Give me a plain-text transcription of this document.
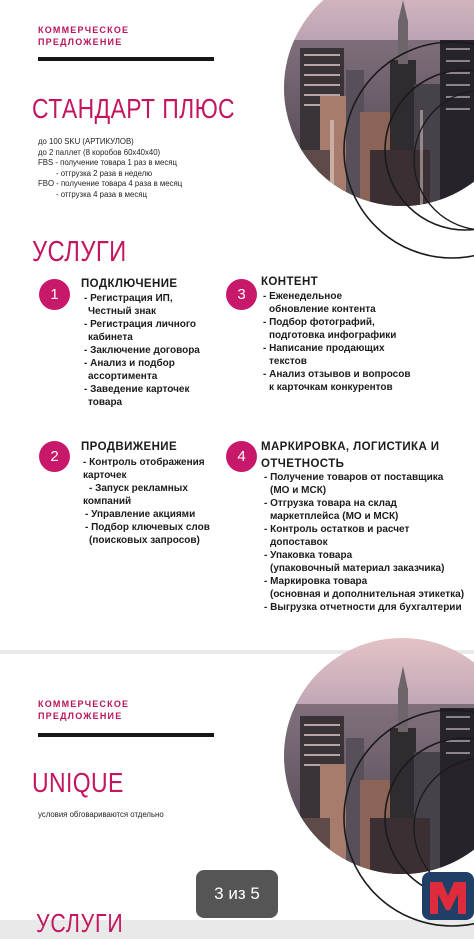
КОММЕРЧЕСКОЕ
ПРЕДЛОЖЕНИЕ
СТАНДАРТ ПЛЮС
до 100 SKU (АРТИКУЛОВ)
до 2 паллет (8 коробов 60х40х40)
FBS - получение товара 1 раз в месяц
- отгрузка 2 раза в неделю
FBO - получение товара 4 раза в месяц
- отгрузка 4 раза в месяц
УСЛУГИ
1
ПОДКЛЮЧЕНИЕ
- Регистрация ИП,
Честный знак
- Регистрация личного
кабинета
- Заключение договора
- Анализ и подбор
ассортимента
- Заведение карточек
товара
3
КОНТЕНТ
- Еженедельное
обновление контента
- Подбор фотографий,
подготовка инфографики
- Написание продающих
текстов
- Анализ отзывов и вопросов
к карточкам конкурентов
2
ПРОДВИЖЕНИЕ
- Контроль отображения
карточек
- Запуск рекламных
компаний
- Управление акциями
- Подбор ключевых слов
(поисковых запросов)
4
МАРКИРОВКА, ЛОГИСТИКА И
ОТЧЕТНОСТЬ
- Получение товаров от поставщика
(МО и МСК)
- Отгрузка товара на склад
маркетплейса (МО и МСК)
- Контроль остатков и расчет
допоставок
- Упаковка товара
(упаковочный материал заказчика)
- Маркировка товара
(основная и дополнительная этикетка)
- Выгрузка отчетности для бухгалтерии
КОММЕРЧЕСКОЕ
ПРЕДЛОЖЕНИЕ
UNIQUE
условия обговариваются отдельно
УСЛУГИ
3 из 5
